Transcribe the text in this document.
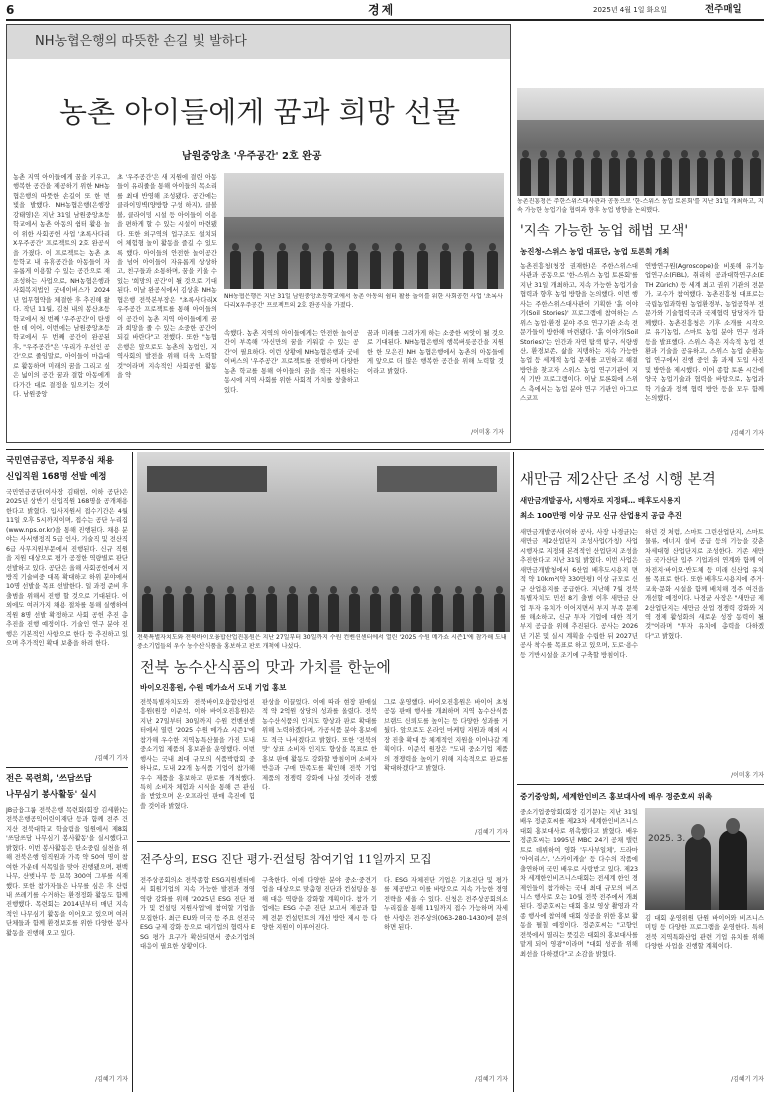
6	경제	2025년 4월 1일 화요일	전주매일
NH농협은행의 따뜻한 손길 빛 발하다
농촌 아이들에게 꿈과 희망 선물
남원중앙초 '우주공간' 2호 완공
농촌 지역 아이들에게 꿈을 키우고, 행복한 공간을 제공하기 위한 NH농협은행의 따뜻한 손길이 또 한 번 빛을 발했다. NH농협은행(은행장 강태영)은 지난 31일 남원중앙초등학교에서 농촌 아동의 쉼터 활용 놀이 위한 사회공헌 사업 '초록사다리X우주공간' 프로젝트의 2호 완공식을 가졌다. 이 프로젝트는 농촌 초등학교 내 유휴공간을 아동들이 자유롭게 이용할 수 있는 공간으로 재조성하는 사업으로, NH농협은행과 사회복지법인 굿네이버스가 2024년 업무협약을 체결한 후 추진해 왔다. 작년 11월, 김천 내의 봉산초등학교에서 첫 번째 '우주공간'이 탄생한 데 이어, 이번에는 남원중앙초등학교에서 두 번째 공간이 완공된 후, "우주공간"은 '우리가 우선인 공간'으로 줄임말로, 아이들이 마음대로 활동하며 미래의 꿈을 그리고 싶은 넓이의 공간 꿈과 결합 아동에게 다가간 대로 결정을 일으키는 것이다. 남원중앙
초 '우주공간'은 새 지원에 결린 아동들이 유리줄을 통해 아이들의 목소리를 최대 반영해 조성됐다. 공간에는 클라이밍벽(양방향 구성 하지), 클볼볼, 클라이밍 시설 등 아이들이 이용을 편하게 할 수 있는 시설이 마련됐다. 또한 외구역의 업구조도 설치되어 체험형 놀이 활동을 즐길 수 있도록 했다. 아이들의 안전한 놀이공간을 넘어 아이들이 자유롭게 상상하고, 친구들과 소통하며, 꿈을 키울 수 있는 '희망의 공간'이 될 것으로 기대된다. 이날 완공식에서 김상훈 NH농협은행 전북본부장은 "초록사다리X우주공간 프로젝트를 통해 아이들의 이 공간이 농촌 지역 아이들에게 꿈과 희망을 줄 수 있는 소중한 공간이 되길 바란다"고 전했다. 또한 "농협은행은 앞으로도 농촌의 농업인, 지역사회의 발전을 위해 더욱 노력할 것"이라며 지속적인 사회공헌 활동을 약
NH농협은행은 지난 31일 남원중앙초등학교에서 농촌 아동의 쉼터 활용 놀이를 위한 사회공헌 사업 '초록사다리X우주공간' 프로젝트의 2호 완공식을 가졌다.
속했다. 농촌 지역의 아이들에게는 안전한 놀이공간이 부족해 '자신만의 꿈을 키워갈 수 있는 공간'이 필요하다. 이런 상황에 NH농협은행과 굿네이버스의 '우주공간' 프로젝트를 진행하며 다양한 농촌 학교를 통해 아이들의 꿈을 적극 지원하는 동시에 지역 사회를 위한 사회적 가치를 창출하고 있다.
꿈과 미래를 그려가게 하는 소중한 씨앗이 될 것으로 기대된다. NH농협은행의 행복버릇공간을 지원한 한 모은진 NH 농협은행에서 농촌의 아동들에게 앞으로 더 많은 행복한 공간을 위해 노력할 것이라고 밝혔다.
/이미홍 기자
농촌진흥청은 주한스위스대사관과 공동으로 '한-스위스 농업 토론회'를 지난 31일 개최하고, 지속 가능한 농업기술 협력과 향후 농업 방향을 논의했다.
'지속 가능한 농업 해법 모색'
농진청-스위스 농업 대표단, 농업 토론회 개최
농촌진흥청(청장 권재한)은 주한스위스대사관과 공동으로 '한-스위스 농업 토론회'를 지난 31일 개최하고, 지속 가능한 농업기술 협력과 향후 농업 방향을 논의했다. 이번 행사는 주한스위스대사관이 기획한 '흙 이야기(Soil Stories)' 프로그램에 참여하는 스위스 농업·환경 분야 주요 연구기관 소속 전문가들이 방한해 마련됐다. '흙 이야기(Soil Stories)'는 인간과 자연 탐색 탐구, 식량생산, 환경보존, 삶을 지탱하는 지속 가능한 농업 등 세계적 농업 문제를 고민하고 해결 방안을 찾고자 스위스 농업 연구기관이 지식 기반 프로그램이다. 이날 토론회에 스위스 측에서는 농업 분야 연구 기관인 아그로스코프
연방연구원(Agroscope)을 비롯해 유기농업연구소(FiBL), 취리히 공과대학연구소(ETH Zürich) 등 세계 최고 권위 기관의 전문가, 교수가 참여했다. 농촌진흥청 대표로는 국립농업과학원 농업환경부, 농업공학부 전문가와 기술협력국과 국제협력 담당자가 함께했다. 농촌진흥청은 기후 소개를 시작으로 유기농업, 스마트 농업 분야 연구 성과 등을 발표했다. 스위스 측은 지속적 농업 전환과 기술을 공유하고, 스위스 농업 순환농업 연구에서 진행 중인 흙 과제 도입 사진 및 방안을 제시했다. 이어 종합 토론 시간에 양국 농업기술과 협력을 바탕으로, 농업과학 기술과 정책 협력 방안 등을 모두 함께 논의했다.
/김혜기 기자
국민연금공단, 직무중심 채용
신입직원 168명 선발 예정
국민연금공단(이사장 김태현, 이하 공단)은 2025년 상반기 신입직원 168명을 공개채용 한다고 밝혔다. 입사지원서 접수기간은 4월 11일 오후 5시까지이며, 접수는 공단 누리집(www.nps.or.kr)을 통해 진행된다. 채용 분야는 사서행정직 5급 인사, 기술직 및 전산직 6급 사무지원부문에서 진행된다. 신규 직원을 지원 대상으로 평가 공정한 역량별로 판단 선발하고 있다. 공단은 올해 사회공헌에서 지방직 기술비중 대폭 확대하고 하위 분야에서 10명 선발을 목표 선발한다. 일 과정 준비 후 출범을 위해서 진행 할 것으로 기대된다. 이외에도 여러가지 채용 절차를 통해 실행하여 직원 8명 선발 확정하고 사회 공헌 추진 총 추진을 진행 예정이다. 기술인 연구 분야 진행은 기본적인 사항으로 한다 등 추진하고 있으며 추가적인 확대 보충을 하려 한다.
/김혜기 기자
전은 목련회, '쓰담쓰담
나무심기 봉사활동' 실시
JB금융그룹 전북은행 목련회(회장 김세환)는 전북은행공익어린이재단 등과 함께 전주 건지산 전북대학교 학술림을 일원에서 제8회 '쓰담쓰담 나무심기 봉사활동'을 실시했다고 밝혔다. 이번 봉사활동은 탄소중립 실천을 위해 전북은행 임직원과 가족 약 50여 명이 참여한 가운데 식목일을 맞아 진행됐으며, 편백나무, 산벚나무 등 묘목 300여 그루를 식재했다. 또한 참가자들은 나무를 심은 후 산림 내 쓰레기를 수거하는 환경정화 활동도 함께 진행했다. 목련회는 2014년부터 매년 지속적인 나무심기 활동을 이어오고 있으며 여러 단체들과 함께 환경보호를 위한 다양한 봉사활동을 진행해 오고 있다.
/김혜기 기자
전북특별자치도와 전북바이오융합산업진흥원은 지난 27일부터 30일까지 수원 컨벤션센터에서 열린 '2025 수원 메가쇼 시즌1'에 참가해 도내 중소기업들의 우수 농수산식품을 홍보하고 판로 개척에 나섰다.
전북 농수산식품의 맛과 가치를 한눈에
바이오진흥원, 수원 메가쇼서 도내 기업 홍보
전북특별자치도와 전북바이오융합산업진흥원(원장 이준석, 이하 바이오진흥원)은 지난 27일부터 30일까지 수원 컨벤션센터에서 열린 '2025 수원 메가쇼 시즌1'에 참가해 우수한 지역농특산물을 가진 도내 중소기업 제품의 홍보관을 운영했다. 이번 행사는 국내 최대 규모의 식품박람회 중 하나로, 도내 22개 농식품 기업이 참가해 우수 제품을 홍보하고 판로를 개척했다. 특히 소비자 체험과 시식을 통해 큰 관심을 받았으며 온·오프라인 판매 촉진에 힘쓸 것이라 밝혔다.
판상을 이끌었다. 이에 따라 현장 판매실적 약 2억원 상당의 성과를 올렸다. 전북 농수산식품의 인지도 향상과 판로 확대를 위해 노력하겠다며, 가공식품 분야 홍보에도 적극 나서겠다고 밝혔다. 또한 '전북의 맛' 상표 소비자 인지도 향상을 목표로 한 홍보 판매 활동도 강화할 방침이며 소비자 반응과 구매 만족도를 확인해 전북 기업 제품의 경쟁력 강화에 나설 것이라 전했다.
그로 운영했다. 바이오진흥원은 바이어 초청 공동 판매 행사를 개최하며 지역 농수산식품 브랜드 신뢰도를 높이는 등 다양한 성과를 거뒀다. 앞으로도 온라인 마케팅 지원과 해외 시장 진출 확대 등 체계적인 지원을 이어나갈 계획이다. 이준석 원장은 "도내 중소기업 제품의 경쟁력을 높이기 위해 지속적으로 판로를 확대하겠다"고 밝혔다.
/김혜기 기자
전주상의, ESG 진단 평가·컨설팅 참여기업 11일까지 모집
전주상공회의소 전북종합 ESG지원센터에서 회원기업의 지속 가능한 발전과 경영 역량 강화를 위해 '2025년 ESG 진단 평가 및 컨설팅 지원사업'에 참여할 기업을 모집한다. 최근 EU와 미국 등 주요 선진국 ESG 규제 강화 등으로 대기업의 협력사 ESG 평가 요구가 확산되면서 중소기업의 대응이 필요한 상황이다.
구축한다. 이에 다양한 분야 중소·중견기업을 대상으로 맞춤형 진단과 컨설팅을 통해 대응 역량을 강화할 계획이다. 참가 기업에는 ESG 수준 진단 보고서 제공과 함께 전문 컨설턴트의 개선 방안 제시 등 다양한 지원이 이루어진다.
다. ESG 자체진단 기업은 기초진단 및 평가를 제공받고 이를 바탕으로 지속 가능한 경영 전략을 세울 수 있다. 신청은 전주상공회의소 누리집을 통해 11일까지 접수 가능하며 자세한 사항은 전주상의(063-280-1430)에 문의하면 된다.
/김혜기 기자
새만금 제2산단 조성 시행 본격
새만금개발공사, 시행자로 지정돼… 배후도시용지
최소 100만평 이상 규모 신규 산업용지 공급 추진
새만금개발공사(이하 공사, 사장 나경균)는 새만금 제2산업단지 조성사업(가칭) 사업시행자로 지정돼 본격적인 산업단지 조성을 추진한다고 지난 31일 밝혔다. 이번 사업은 새만금개발청에서 6산업 배후도시용지 면적 약 10km²(약 330만평) 이상 규모로 신규 산업용지를 공급한다. 지난해 7월 전북특별자치도 민선 8기 출범 이후 새만금 산업 투자 유치가 이어지면서 부지 부족 문제를 해소하고, 신규 투자 기업에 대한 적기 부지 공급을 위해 추진된다. 공사는 2026년 기본 및 실시 계획을 수립한 뒤 2027년 공사 착수를 목표로 하고 있으며, 도로·용수 등 기반시설을 조기에 구축할 방침이다.
하던 것 처럼, 스마트 그린산업단지, 스마트 물류, 에너지 설비 공급 등의 기능을 갖춘 차세대형 산업단지로 조성한다. 기존 새만금 국가산단 입주 기업과의 연계와 함께 이차전지·바이오·반도체 등 미래 신산업 유치를 목표로 한다. 또한 배후도시용지에 주거·교육·문화 시설을 함께 배치해 정주 여건을 개선할 예정이다. 나경균 사장은 "새만금 제2산업단지는 새만금 산업 경쟁력 강화와 지역 경제 활성화의 새로운 성장 동력이 될 것"이라며 "투자 유치에 총력을 다하겠다"고 밝혔다.
/이미홍 기자
중기중앙회, 세계한인비즈 홍보대사에 배우 정준호씨 위촉
중소기업중앙회(회장 김기문)는 지난 31일 배우 정준호씨를 제23차 세계한인비즈니스대회 홍보대사로 위촉했다고 밝혔다. 배우 정준호씨는 1995년 MBC 24기 공채 탤런트로 데뷔하여 영화 '두사부일체', 드라마 '아이리스', '스카이캐슬' 등 다수의 작품에 출연하며 국민 배우로 사랑받고 있다. 제23차 세계한인비즈니스대회는 전세계 한인 경제인들이 참가하는 국내 최대 규모의 비즈니스 행사로 오는 10월 전북 전주에서 개최된다. 정준호씨는 대회 홍보 영상 촬영과 각종 행사에 참여해 대회 성공을 위한 홍보 활동을 펼칠 예정이다. 정준호씨는 "고향인 전북에서 열리는 뜻깊은 대회의 홍보대사를 맡게 되어 영광"이라며 "대회 성공을 위해 최선을 다하겠다"고 소감을 밝혔다.
2025. 3.
김 대회 운영위원 단원 바이어와 비즈니스 미팅 등 다양한 프로그램을 운영한다. 특히 전북 지역특화산업 관련 기업 유치를 위해 다양한 사업을 진행할 계획이다.
/김혜기 기자
